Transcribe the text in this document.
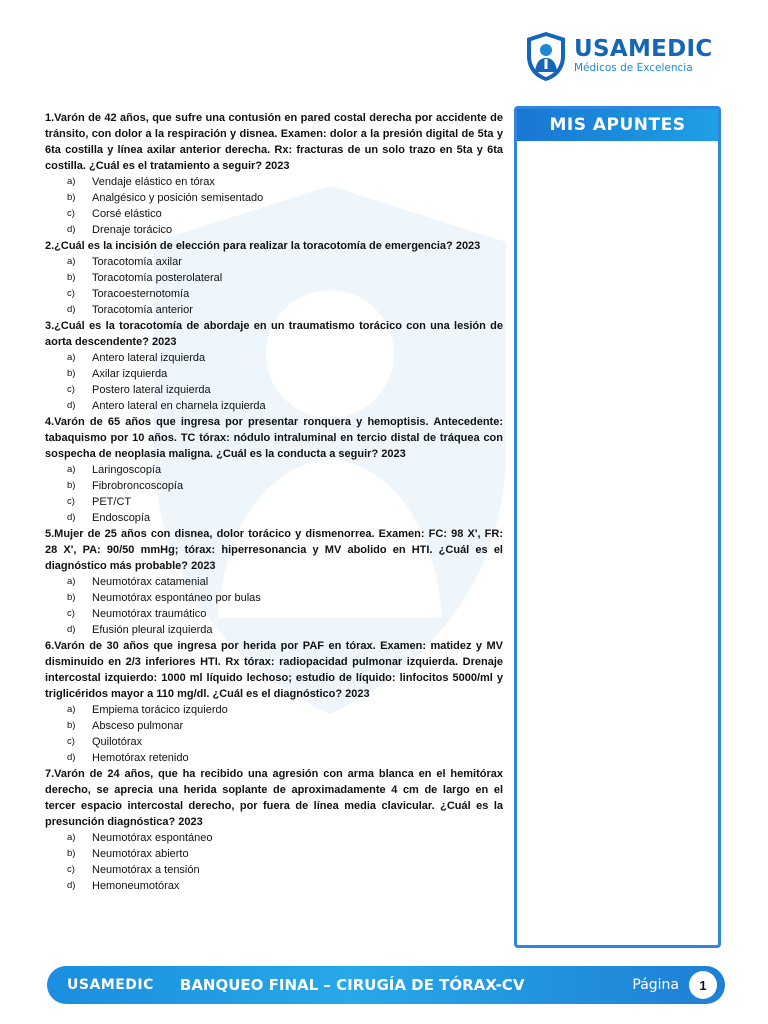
USAMEDIC
Médicos de Excelencia

1.Varón de 42 años, que sufre una contusión en pared costal derecha por accidente de tránsito, con dolor a la respiración y disnea. Examen: dolor a la presión digital de 5ta y 6ta costilla y línea axilar anterior derecha. Rx: fracturas de un solo trazo en 5ta y 6ta costilla. ¿Cuál es el tratamiento a seguir? 2023

a)	Vendaje elástico en tórax
b)	Analgésico y posición semisentado
c)	Corsé elástico
d)	Drenaje torácico

2.¿Cuál es la incisión de elección para realizar la toracotomía de emergencia? 2023

a)	Toracotomía axilar
b)	Toracotomía posterolateral
c)	Toracoesternotomía
d)	Toracotomía anterior

3.¿Cuál es la toracotomía de abordaje en un traumatismo torácico con una lesión de aorta descendente? 2023

a)	Antero lateral izquierda
b)	Axilar izquierda
c)	Postero lateral izquierda
d)	Antero lateral en charnela izquierda

4.Varón de 65 años que ingresa por presentar ronquera y hemoptisis. Antecedente: tabaquismo por 10 años. TC tórax: nódulo intraluminal en tercio distal de tráquea con sospecha de neoplasia maligna. ¿Cuál es la conducta a seguir? 2023

a)	Laringoscopía
b)	Fibrobroncoscopía
c)	PET/CT
d)	Endoscopía

5.Mujer de 25 años con disnea, dolor torácico y dismenorrea. Examen: FC: 98 X', FR: 28 X', PA: 90/50 mmHg; tórax: hiperresonancia y MV abolido en HTI. ¿Cuál es el diagnóstico más probable? 2023

a)	Neumotórax catamenial
b)	Neumotórax espontáneo por bulas
c)	Neumotórax traumático
d)	Efusión pleural izquierda

6.Varón de 30 años que ingresa por herida por PAF en tórax. Examen: matidez y MV disminuido en 2/3 inferiores HTI. Rx tórax: radiopacidad pulmonar izquierda. Drenaje intercostal izquierdo: 1000 ml líquido lechoso; estudio de líquido: linfocitos 5000/ml y triglicéridos mayor a 110 mg/dl. ¿Cuál es el diagnóstico? 2023

a)	Empiema torácico izquierdo
b)	Absceso pulmonar
c)	Quilotórax
d)	Hemotórax retenido

7.Varón de 24 años, que ha recibido una agresión con arma blanca en el hemitórax derecho, se aprecia una herida soplante de aproximadamente 4 cm de largo en el tercer espacio intercostal derecho, por fuera de línea media clavicular. ¿Cuál es la presunción diagnóstica? 2023

a)	Neumotórax espontáneo
b)	Neumotórax abierto
c)	Neumotórax a tensión
d)	Hemoneumotórax
MIS APUNTES
USAMEDIC BANQUEO FINAL – CIRUGÍA DE TÓRAX-CV	Página	1
